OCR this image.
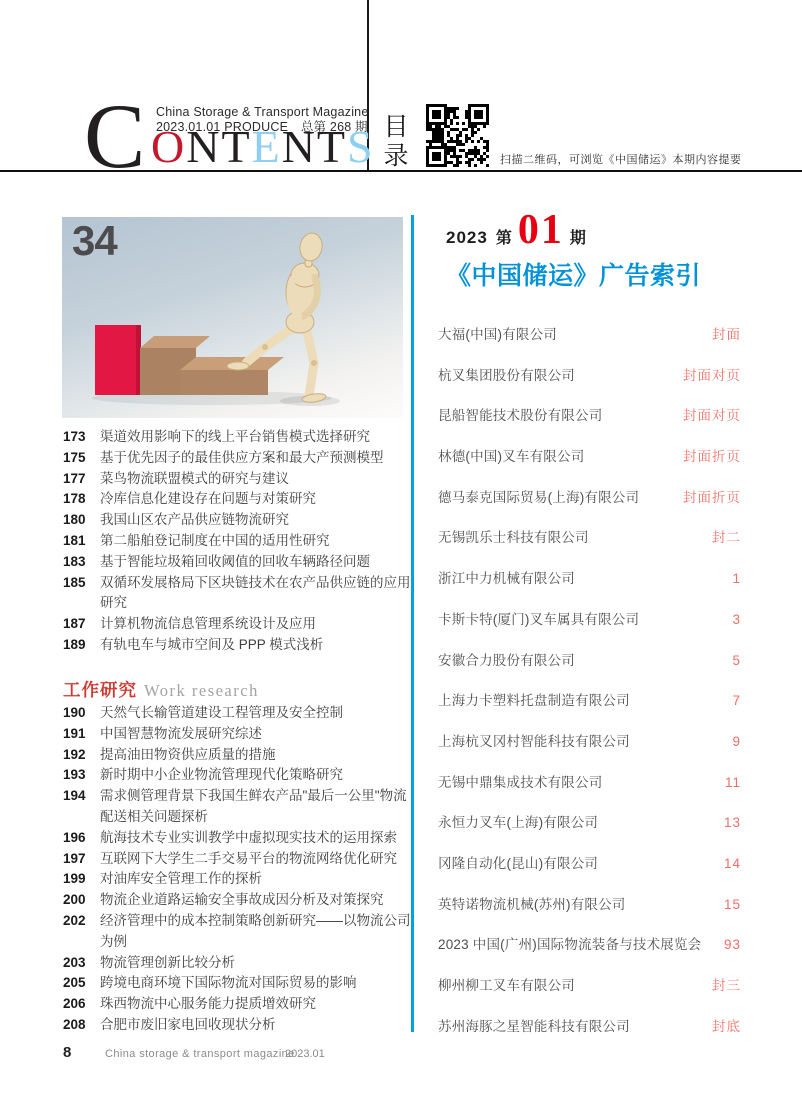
C China Storage & Transport Magazine
2023.01.01 PRODUCE　总第 268 期
ONTENTS 目录	扫描二维码，可浏览《中国储运》本期内容提要
34
173	渠道效用影响下的线上平台销售模式选择研究
175	基于优先因子的最佳供应方案和最大产预测模型
177	菜鸟物流联盟模式的研究与建议
178	冷库信息化建设存在问题与对策研究
180	我国山区农产品供应链物流研究
181	第二船舶登记制度在中国的适用性研究
183	基于智能垃圾箱回收阈值的回收车辆路径问题
185	双循环发展格局下区块链技术在农产品供应链的应用研究
187	计算机物流信息管理系统设计及应用
189	有轨电车与城市空间及 PPP 模式浅析
工作研究 Work research
190	天然气长输管道建设工程管理及安全控制
191	中国智慧物流发展研究综述
192	提高油田物资供应质量的措施
193	新时期中小企业物流管理现代化策略研究
194	需求侧管理背景下我国生鲜农产品"最后一公里"物流配送相关问题探析
196	航海技术专业实训教学中虚拟现实技术的运用探索
197	互联网下大学生二手交易平台的物流网络优化研究
199	对油库安全管理工作的探析
200	物流企业道路运输安全事故成因分析及对策探究
202	经济管理中的成本控制策略创新研究——以物流公司为例
203	物流管理创新比较分析
205	跨境电商环境下国际物流对国际贸易的影响
206	珠西物流中心服务能力提质增效研究
208	合肥市废旧家电回收现状分析
8	China storage & transport magazine
2023.01
2023 第 01 期
《中国储运》广告索引
大福(中国)有限公司	封面
杭叉集团股份有限公司	封面对页
昆船智能技术股份有限公司	封面对页
林德(中国)叉车有限公司	封面折页
德马泰克国际贸易(上海)有限公司	封面折页
无锡凯乐士科技有限公司	封二
浙江中力机械有限公司	1
卡斯卡特(厦门)叉车属具有限公司	3
安徽合力股份有限公司	5
上海力卡塑料托盘制造有限公司	7
上海杭叉冈村智能科技有限公司	9
无锡中鼎集成技术有限公司	11
永恒力叉车(上海)有限公司	13
冈隆自动化(昆山)有限公司	14
英特诺物流机械(苏州)有限公司	15
2023 中国(广州)国际物流装备与技术展览会 93
柳州柳工叉车有限公司	封三
苏州海豚之星智能科技有限公司	封底
